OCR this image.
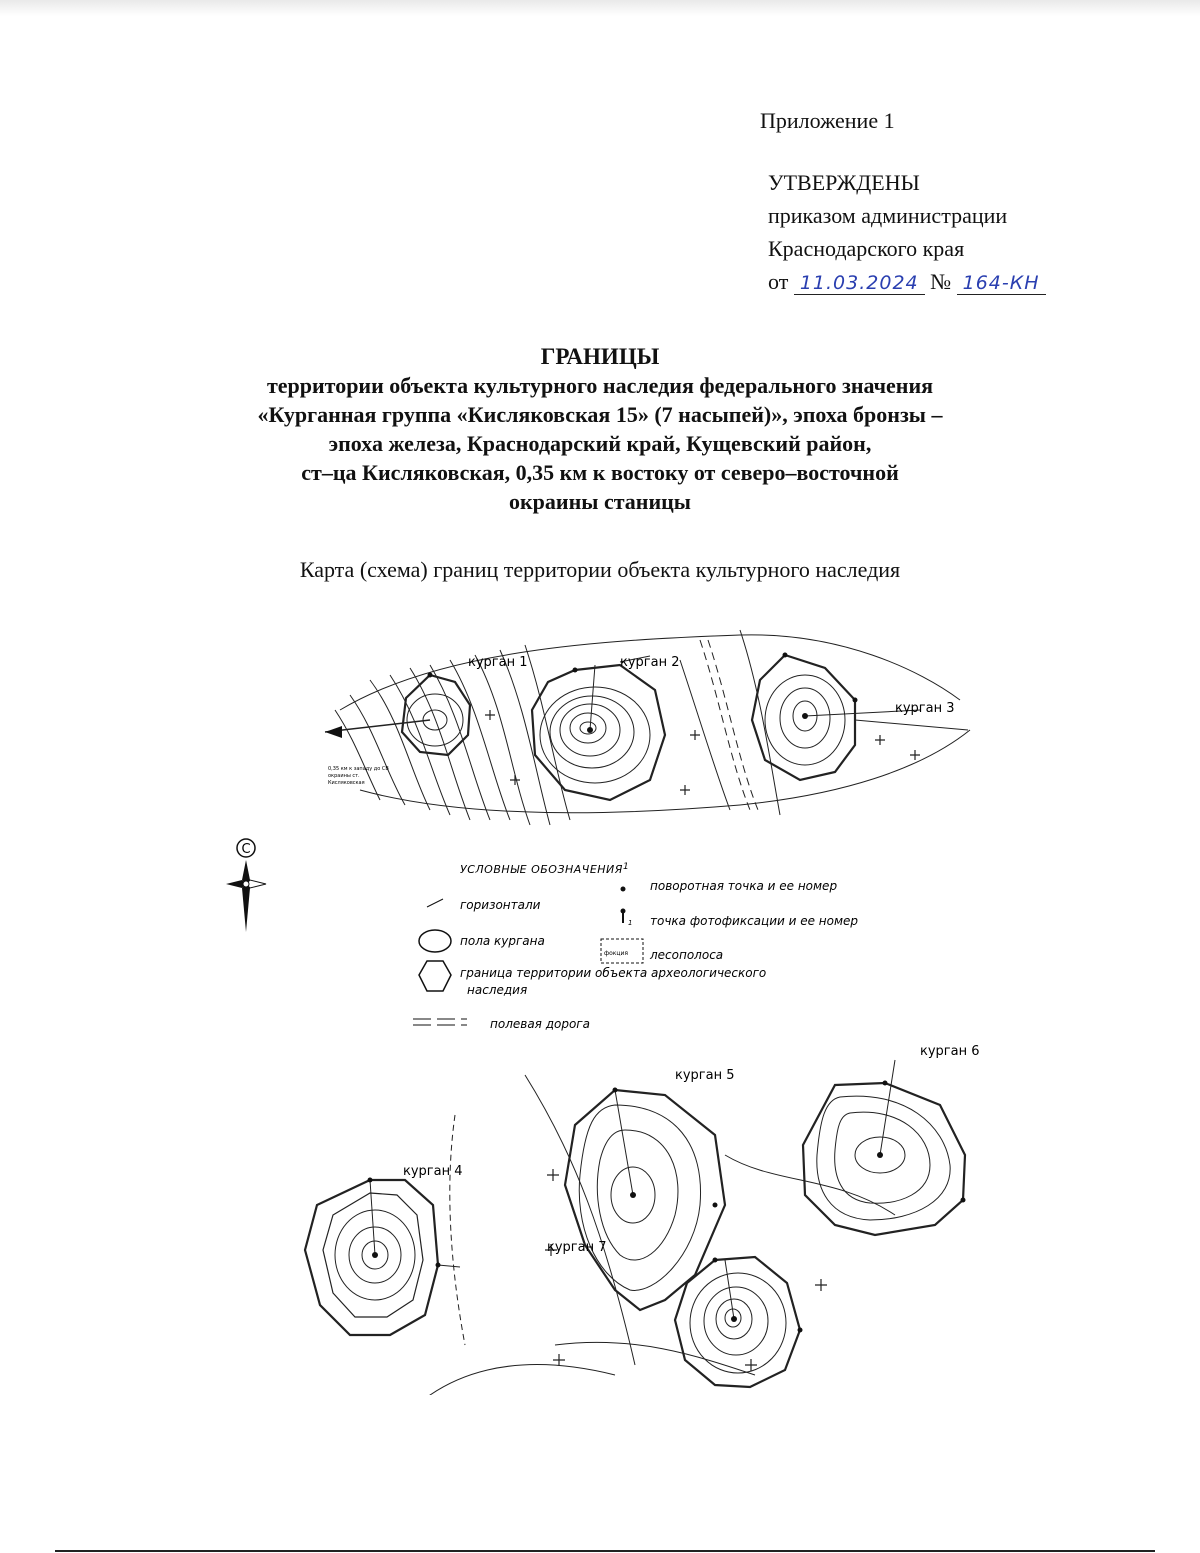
Приложение 1
УТВЕРЖДЕНЫ
приказом администрации
Краснодарского края
от 11.03.2024 № 164-КН
ГРАНИЦЫ
территории объекта культурного наследия федерального значения
«Курганная группа «Кисляковская 15» (7 насыпей)», эпоха бронзы –
эпоха железа, Краснодарский край, Кущевский район,
ст–ца Кисляковская, 0,35 км к востоку от северо–восточной
окраины станицы
Карта (схема) границ территории объекта культурного наследия
курган 1	курган 2
курган 3
0,35 км к западу до СВ
окраины ст.
Кисляковская
С
УСЛОВНЫЕ ОБОЗНАЧЕНИЯ 1
поворотная точка и ее номер
горизонтали
1 точка фотофиксации и ее номер
пола кургана
фокция лесополоса
граница территории объекта археологического
наследия
полевая дорога
курган 4
курган 5
курган 6
курган 7
